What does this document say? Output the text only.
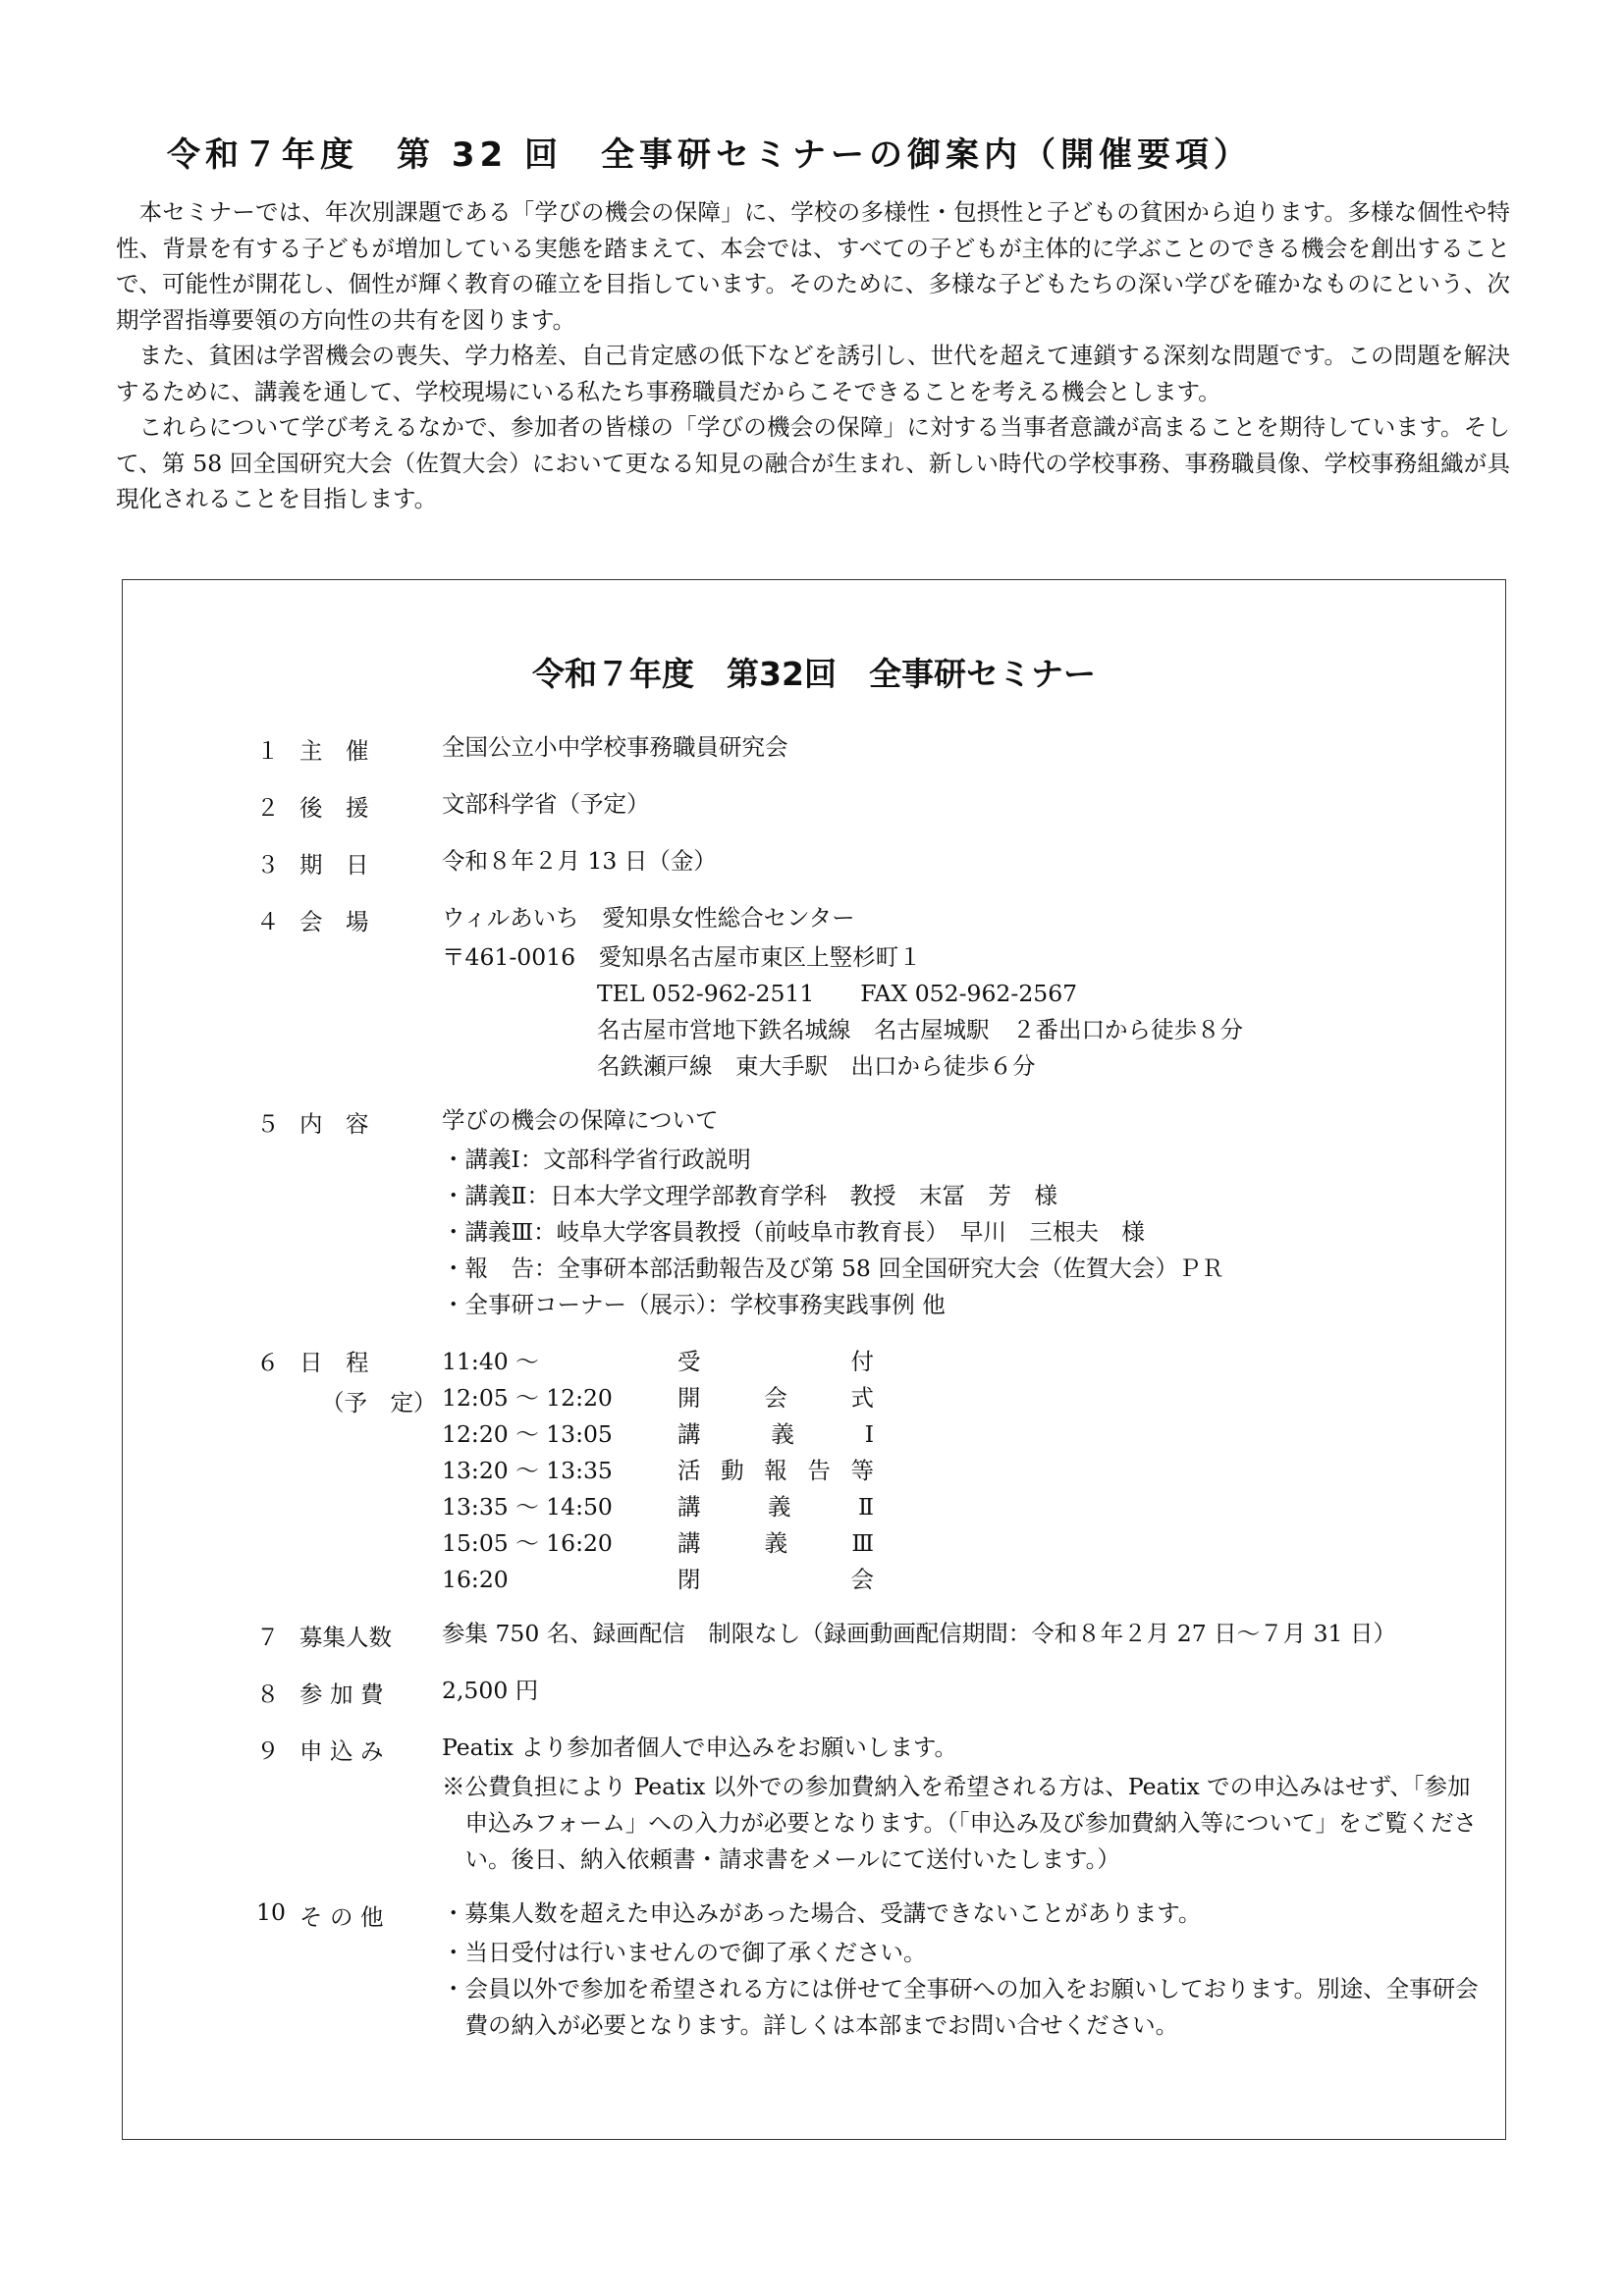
令和７年度　第 32 回　全事研セミナーの御案内（開催要項）

本セミナーでは、年次別課題である「学びの機会の保障」に、学校の多様性・包摂性と子どもの貧困から迫ります。多様な個性や特性、背景を有する子どもが増加している実態を踏まえて、本会では、すべての子どもが主体的に学ぶことのできる機会を創出することで、可能性が開花し、個性が輝く教育の確立を目指しています。そのために、多様な子どもたちの深い学びを確かなものにという、次期学習指導要領の方向性の共有を図ります。

また、貧困は学習機会の喪失、学力格差、自己肯定感の低下などを誘引し、世代を超えて連鎖する深刻な問題です。この問題を解決するために、講義を通して、学校現場にいる私たち事務職員だからこそできることを考える機会とします。

これらについて学び考えるなかで、参加者の皆様の「学びの機会の保障」に対する当事者意識が高まることを期待しています。そして、第 58 回全国研究大会（佐賀大会）において更なる知見の融合が生まれ、新しい時代の学校事務、事務職員像、学校事務組織が具現化されることを目指します。

令和７年度　第32回　全事研セミナー
１ 主　催	全国公立小中学校事務職員研究会
２ 後　援	文部科学省（予定）
３ 期　日	令和８年２月 13 日（金）
４ 会　場	ウィルあいち　愛知県女性総合センター
〒461-0016　愛知県名古屋市東区上竪杉町１
TEL 052-962-2511　　FAX 052-962-2567
名古屋市営地下鉄名城線　名古屋城駅　２番出口から徒歩８分
名鉄瀬戸線　東大手駅　出口から徒歩６分
５ 内　容	学びの機会の保障について
・講義Ⅰ：文部科学省行政説明
・講義Ⅱ：日本大学文理学部教育学科　教授　末冨　芳　様
・講義Ⅲ：岐阜大学客員教授（前岐阜市教育長）　早川　三根夫　様
・報　告：全事研本部活動報告及び第 58 回全国研究大会（佐賀大会）ＰＲ
・全事研コーナー（展示）：学校事務実践事例 他
６ 日　程
（予　定）
11:40 ～	受付
12:05 ～ 12:20	開会式
12:20 ～ 13:05	講義Ⅰ
13:20 ～ 13:35	活動報告等
13:35 ～ 14:50	講義Ⅱ
15:05 ～ 16:20	講義Ⅲ
16:20	閉会
７ 募集人数	参集 750 名、録画配信　制限なし（録画動画配信期間：令和８年２月 27 日～７月 31 日）
８ 参 加 費	2,500 円
９ 申 込 み	Peatix より参加者個人で申込みをお願いします。
※公費負担により Peatix 以外での参加費納入を希望される方は、Peatix での申込みはせず、「参加申込みフォーム」への入力が必要となります。（「申込み及び参加費納入等について」をご覧ください。後日、納入依頼書・請求書をメールにて送付いたします。）
10 そ の 他	・募集人数を超えた申込みがあった場合、受講できないことがあります。
・当日受付は行いませんので御了承ください。
・会員以外で参加を希望される方には併せて全事研への加入をお願いしております。別途、全事研会費の納入が必要となります。詳しくは本部までお問い合せください。
